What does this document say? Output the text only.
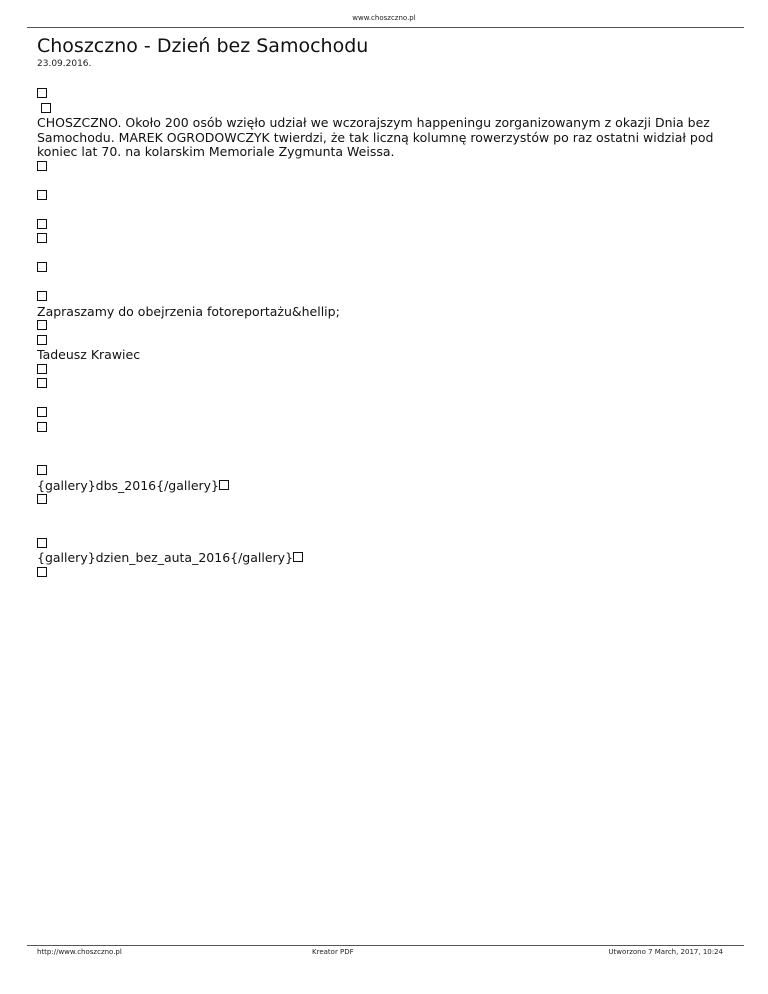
www.choszczno.pl
Choszczno - Dzień bez Samochodu
23.09.2016.

CHOSZCZNO. Około 200 osób wzięło udział we wczorajszym happeningu zorganizowanym z okazji Dnia bez Samochodu. MAREK OGRODOWCZYK twierdzi, że tak liczną kolumnę rowerzystów po raz ostatni widział pod koniec lat 70. na kolarskim Memoriale Zygmunta Weissa.

Zapraszamy do obejrzenia fotoreportażu&hellip;
Tadeusz Krawiec
{gallery}dbs_2016{/gallery}
{gallery}dzien_bez_auta_2016{/gallery}
http://www.choszczno.pl	Kreator PDF	Utworzono 7 March, 2017, 10:24
